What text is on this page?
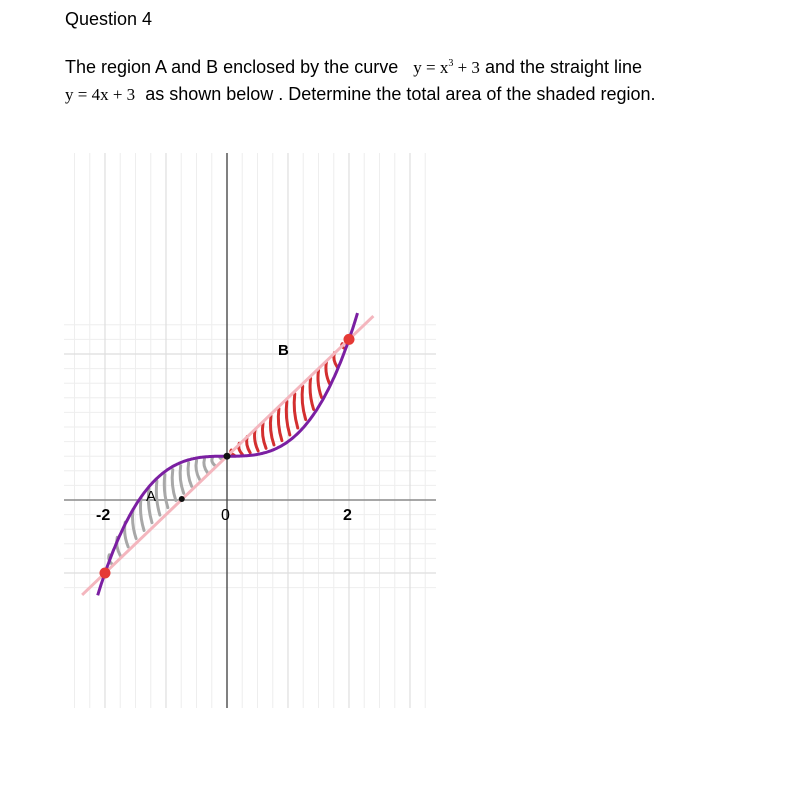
Question 4
The region A and B enclosed by the curve $y = x^3 + 3$ and the straight line
y = 4x + 3 as shown below . Determine the total area of the shaded region.
A
B
-2	0	2
